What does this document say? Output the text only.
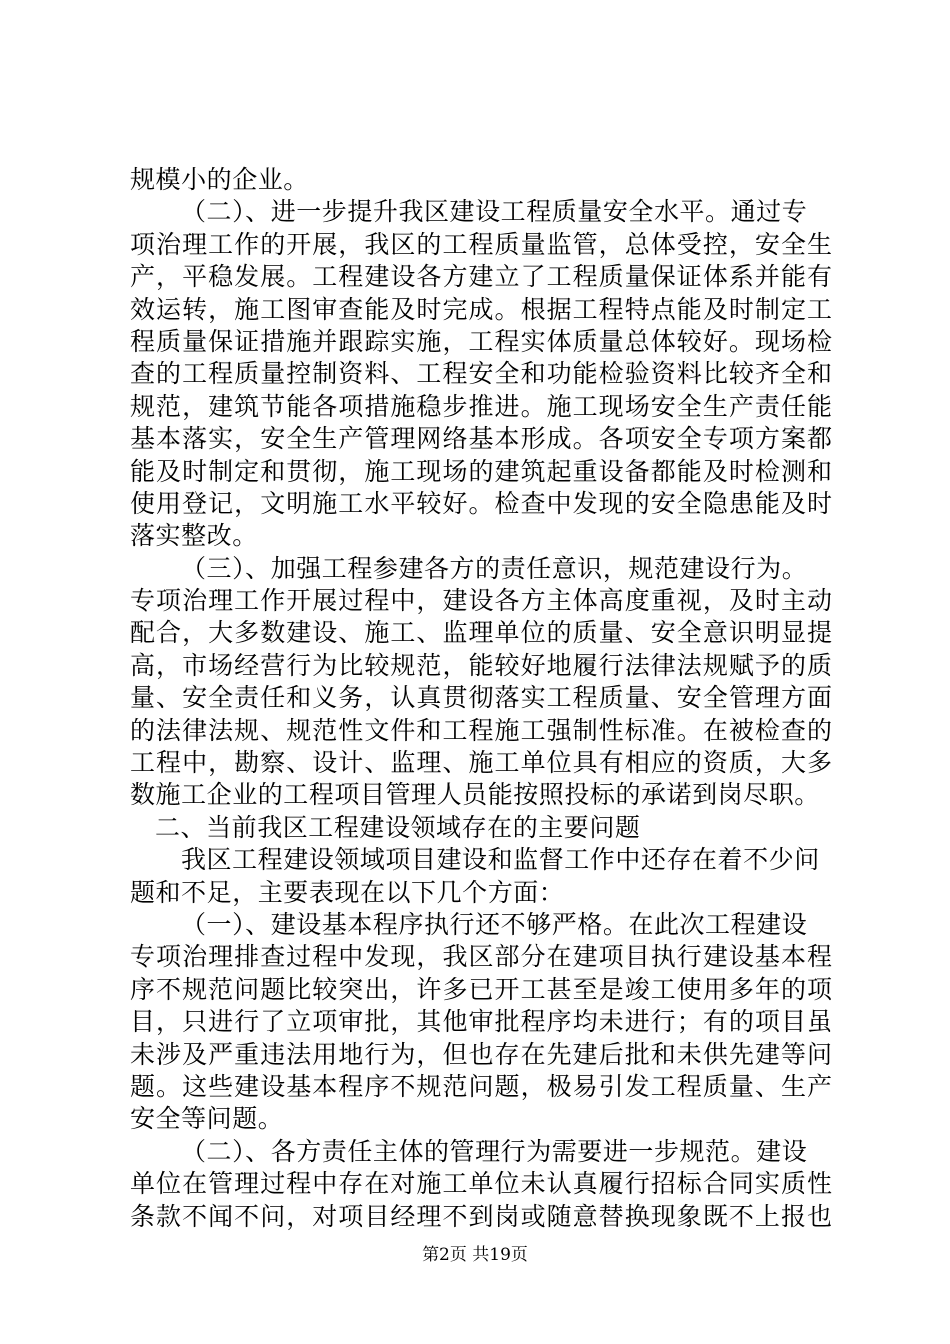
规模小的企业。
（二）、进一步提升我区建设工程质量安全水平。通过专
项治理工作的开展，我区的工程质量监管，总体受控，安全生
产，平稳发展。工程建设各方建立了工程质量保证体系并能有
效运转，施工图审查能及时完成。根据工程特点能及时制定工
程质量保证措施并跟踪实施，工程实体质量总体较好。现场检
查的工程质量控制资料、工程安全和功能检验资料比较齐全和
规范，建筑节能各项措施稳步推进。施工现场安全生产责任能
基本落实，安全生产管理网络基本形成。各项安全专项方案都
能及时制定和贯彻，施工现场的建筑起重设备都能及时检测和
使用登记，文明施工水平较好。检查中发现的安全隐患能及时
落实整改。
（三）、加强工程参建各方的责任意识，规范建设行为。
专项治理工作开展过程中，建设各方主体高度重视，及时主动
配合，大多数建设、施工、监理单位的质量、安全意识明显提
高，市场经营行为比较规范，能较好地履行法律法规赋予的质
量、安全责任和义务，认真贯彻落实工程质量、安全管理方面
的法律法规、规范性文件和工程施工强制性标准。在被检查的
工程中，勘察、设计、监理、施工单位具有相应的资质，大多
数施工企业的工程项目管理人员能按照投标的承诺到岗尽职。
二、当前我区工程建设领域存在的主要问题
我区工程建设领域项目建设和监督工作中还存在着不少问
题和不足，主要表现在以下几个方面：
（一）、建设基本程序执行还不够严格。在此次工程建设
专项治理排查过程中发现，我区部分在建项目执行建设基本程
序不规范问题比较突出，许多已开工甚至是竣工使用多年的项
目，只进行了立项审批，其他审批程序均未进行；有的项目虽
未涉及严重违法用地行为，但也存在先建后批和未供先建等问
题。这些建设基本程序不规范问题，极易引发工程质量、生产
安全等问题。
（二）、各方责任主体的管理行为需要进一步规范。建设
单位在管理过程中存在对施工单位未认真履行招标合同实质性
条款不闻不问，对项目经理不到岗或随意替换现象既不上报也
第2页 共19页
